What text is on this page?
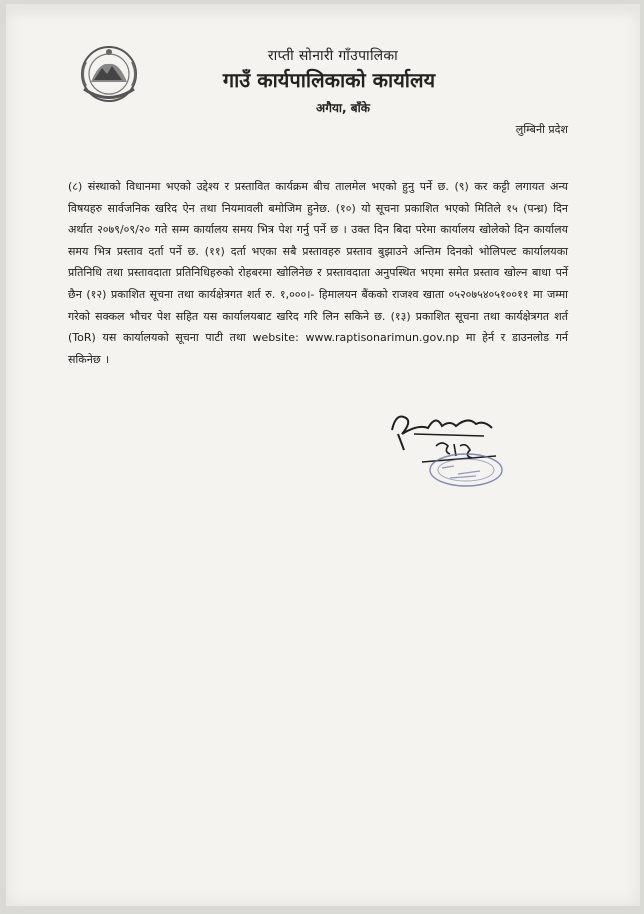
राप्ती सोनारी गाँउपालिका
गाउँ कार्यपालिकाको कार्यालय
अगैया, बाँके
लुम्बिनी प्रदेश
(८) संस्थाको विधानमा भएको उद्देश्य र प्रस्तावित कार्यक्रम बीच तालमेल भएको हुनु पर्ने छ. (९) कर कट्टी लगायत अन्य विषयहरु सार्वजनिक खरिद ऐन तथा नियमावली बमोजिम हुनेछ. (१०) यो सूचना प्रकाशित भएको मितिले १५ (पन्ध्र) दिन अर्थात २०७९/०९/२० गते सम्म कार्यालय समय भित्र पेश गर्नु पर्ने छ । उक्त दिन बिदा परेमा कार्यालय खोलेको दिन कार्यालय समय भित्र प्रस्ताव दर्ता पर्ने छ. (११) दर्ता भएका सबै प्रस्तावहरु प्रस्ताव बुझाउने अन्तिम दिनको भोलिपल्ट कार्यालयका प्रतिनिधि तथा प्रस्तावदाता प्रतिनिधिहरुको रोहबरमा खोलिनेछ र प्रस्तावदाता अनुपस्थित भएमा समेत प्रस्ताव खोल्न बाधा पर्ने छैन (१२) प्रकाशित सूचना तथा कार्यक्षेत्रगत शर्त रु. १,०००।- हिमालयन बैंकको राजश्व खाता ०५२०७५४०५१००११ मा जम्मा गरेको सक्कल भौचर पेश सहित यस कार्यालयबाट खरिद गरि लिन सकिने छ. (१३) प्रकाशित सूचना तथा कार्यक्षेत्रगत शर्त (ToR) यस कार्यालयको सूचना पाटी तथा website: www.raptisonarimun.gov.np मा हेर्न र डाउनलोड गर्न सकिनेछ ।
